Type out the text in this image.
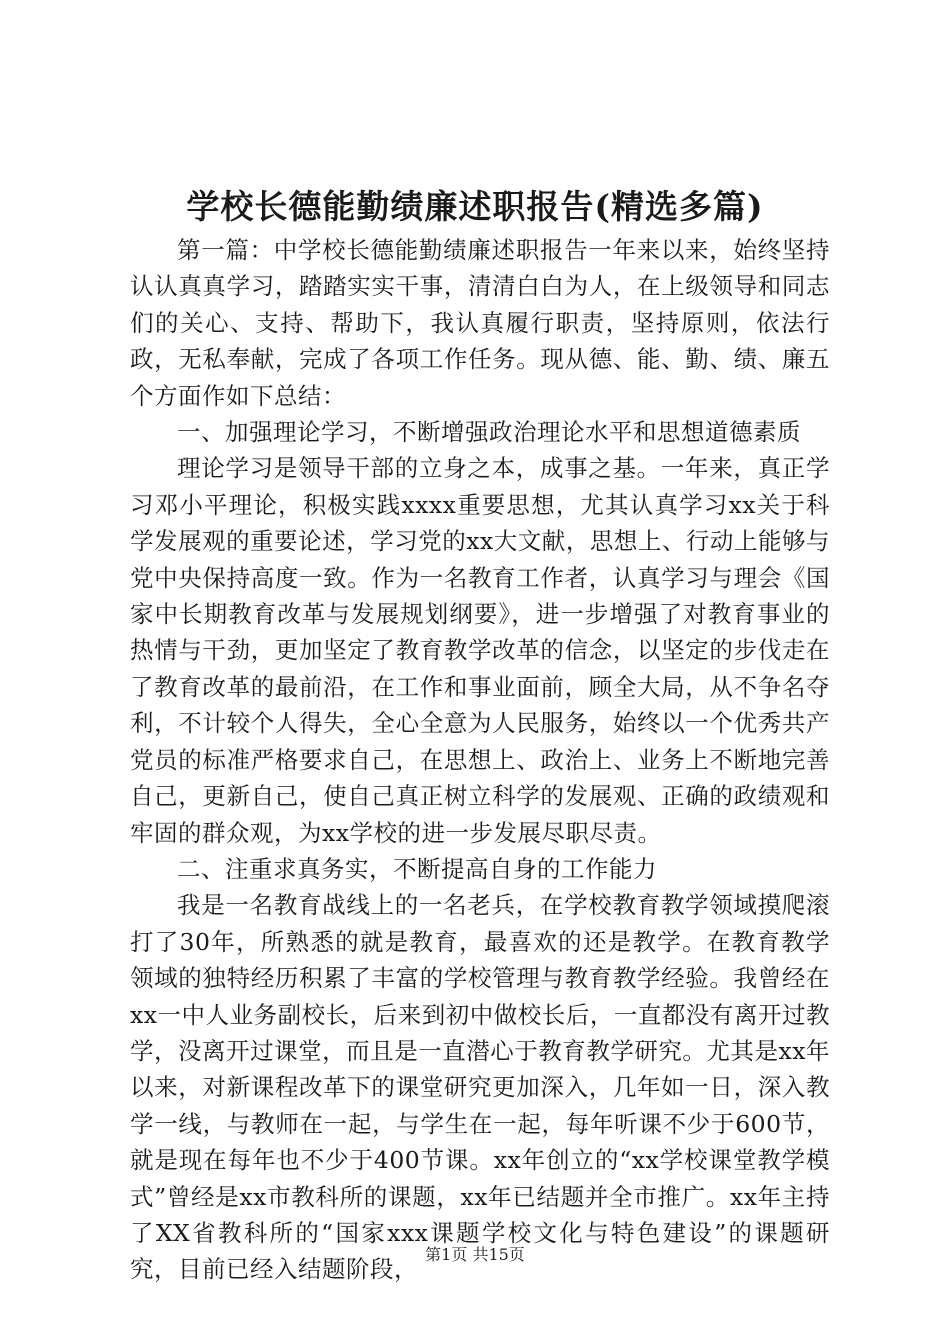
学校长德能勤绩廉述职报告(精选多篇)

第一篇：中学校长德能勤绩廉述职报告一年来以来，始终坚持认认真真学习，踏踏实实干事，清清白白为人，在上级领导和同志们的关心、支持、帮助下，我认真履行职责，坚持原则，依法行政，无私奉献，完成了各项工作任务。现从德、能、勤、绩、廉五个方面作如下总结：

一、加强理论学习，不断增强政治理论水平和思想道德素质

理论学习是领导干部的立身之本，成事之基。一年来，真正学习邓小平理论，积极实践xxxx重要思想，尤其认真学习xx关于科学发展观的重要论述，学习党的xx大文献，思想上、行动上能够与党中央保持高度一致。作为一名教育工作者，认真学习与理会《国家中长期教育改革与发展规划纲要》，进一步增强了对教育事业的热情与干劲，更加坚定了教育教学改革的信念，以坚定的步伐走在了教育改革的最前沿，在工作和事业面前，顾全大局，从不争名夺利，不计较个人得失，全心全意为人民服务，始终以一个优秀共产党员的标准严格要求自己，在思想上、政治上、业务上不断地完善自己，更新自己，使自己真正树立科学的发展观、正确的政绩观和牢固的群众观，为xx学校的进一步发展尽职尽责。

二、注重求真务实，不断提高自身的工作能力

我是一名教育战线上的一名老兵，在学校教育教学领域摸爬滚打了30年，所熟悉的就是教育，最喜欢的还是教学。在教育教学领域的独特经历积累了丰富的学校管理与教育教学经验。我曾经在xx一中人业务副校长，后来到初中做校长后，一直都没有离开过教学，没离开过课堂，而且是一直潜心于教育教学研究。尤其是xx年以来，对新课程改革下的课堂研究更加深入，几年如一日，深入教学一线，与教师在一起，与学生在一起，每年听课不少于600节，就是现在每年也不少于400节课。xx年创立的“xx学校课堂教学模式”曾经是xx市教科所的课题，xx年已结题并全市推广。xx年主持了XX省教科所的“国家xxx课题学校文化与特色建设”的课题研究，目前已经入结题阶段，

第1页 共15页
